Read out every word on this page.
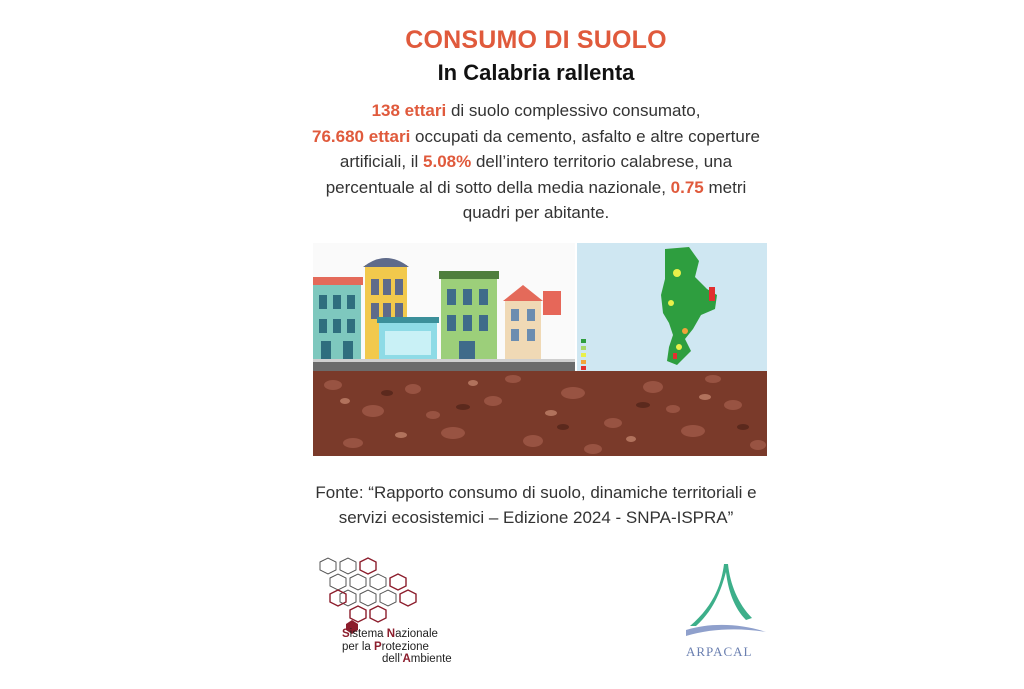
CONSUMO DI SUOLO
In Calabria rallenta
138 ettari di suolo complessivo consumato,
76.680 ettari occupati da cemento, asfalto e altre coperture artificiali, il 5.08% dell’intero territorio calabrese, una percentuale al di sotto della media nazionale, 0.75 metri quadri per abitante.
Fonte: “Rapporto consumo di suolo, dinamiche territoriali e servizi ecosistemici – Edizione 2024 - SNPA-ISPRA”
Sistema Nazionale
per la Protezione
dell’Ambiente	ARPACAL
